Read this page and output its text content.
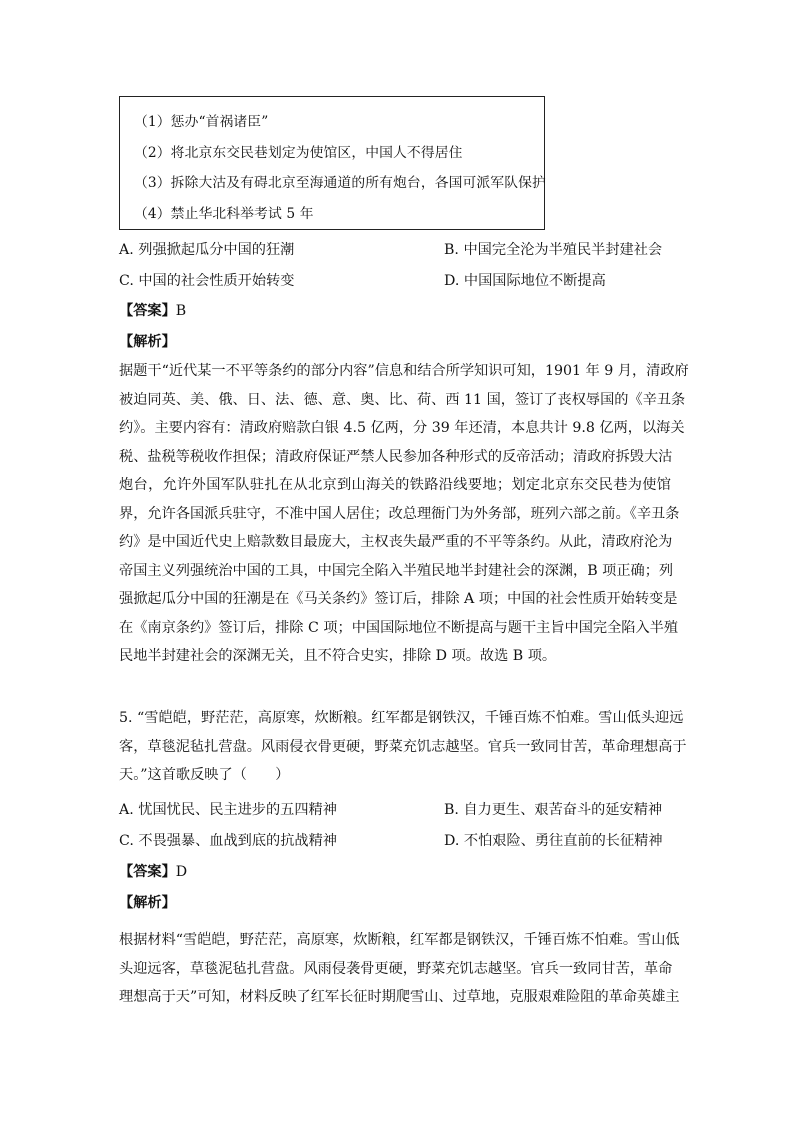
（1）惩办“首祸诸臣”
（2）将北京东交民巷划定为使馆区，中国人不得居住
（3）拆除大沽及有碍北京至海通道的所有炮台，各国可派军队保护
（4）禁止华北科举考试 5 年
A. 列强掀起瓜分中国的狂潮	B. 中国完全沦为半殖民半封建社会
C. 中国的社会性质开始转变	D. 中国国际地位不断提高
【答案】B
【解析】
据题干“近代某一不平等条约的部分内容”信息和结合所学知识可知，1901 年 9 月，清政府
被迫同英、美、俄、日、法、德、意、奥、比、荷、西 11 国，签订了丧权辱国的《辛丑条
约》。主要内容有：清政府赔款白银 4.5 亿两，分 39 年还清，本息共计 9.8 亿两，以海关
税、盐税等税收作担保；清政府保证严禁人民参加各种形式的反帝活动；清政府拆毁大沽
炮台，允许外国军队驻扎在从北京到山海关的铁路沿线要地；划定北京东交民巷为使馆
界，允许各国派兵驻守，不准中国人居住；改总理衙门为外务部，班列六部之前。《辛丑条
约》是中国近代史上赔款数目最庞大，主权丧失最严重的不平等条约。从此，清政府沦为
帝国主义列强统治中国的工具，中国完全陷入半殖民地半封建社会的深渊，B 项正确；列
强掀起瓜分中国的狂潮是在《马关条约》签订后，排除 A 项；中国的社会性质开始转变是
在《南京条约》签订后，排除 C 项；中国国际地位不断提高与题干主旨中国完全陷入半殖
民地半封建社会的深渊无关，且不符合史实，排除 D 项。故选 B 项。
5. “雪皑皑，野茫茫，高原寒，炊断粮。红军都是钢铁汉，千锤百炼不怕难。雪山低头迎远
客，草毯泥毡扎营盘。风雨侵衣骨更硬，野菜充饥志越坚。官兵一致同甘苦，革命理想高于
天。”这首歌反映了（　　）
A. 忧国忧民、民主进步的五四精神	B. 自力更生、艰苦奋斗的延安精神
C. 不畏强暴、血战到底的抗战精神	D. 不怕艰险、勇往直前的长征精神
【答案】D
【解析】
根据材料“雪皑皑，野茫茫，高原寒，炊断粮，红军都是钢铁汉，千锤百炼不怕难。雪山低
头迎远客，草毯泥毡扎营盘。风雨侵袭骨更硬，野菜充饥志越坚。官兵一致同甘苦，革命
理想高于天”可知，材料反映了红军长征时期爬雪山、过草地，克服艰难险阻的革命英雄主
